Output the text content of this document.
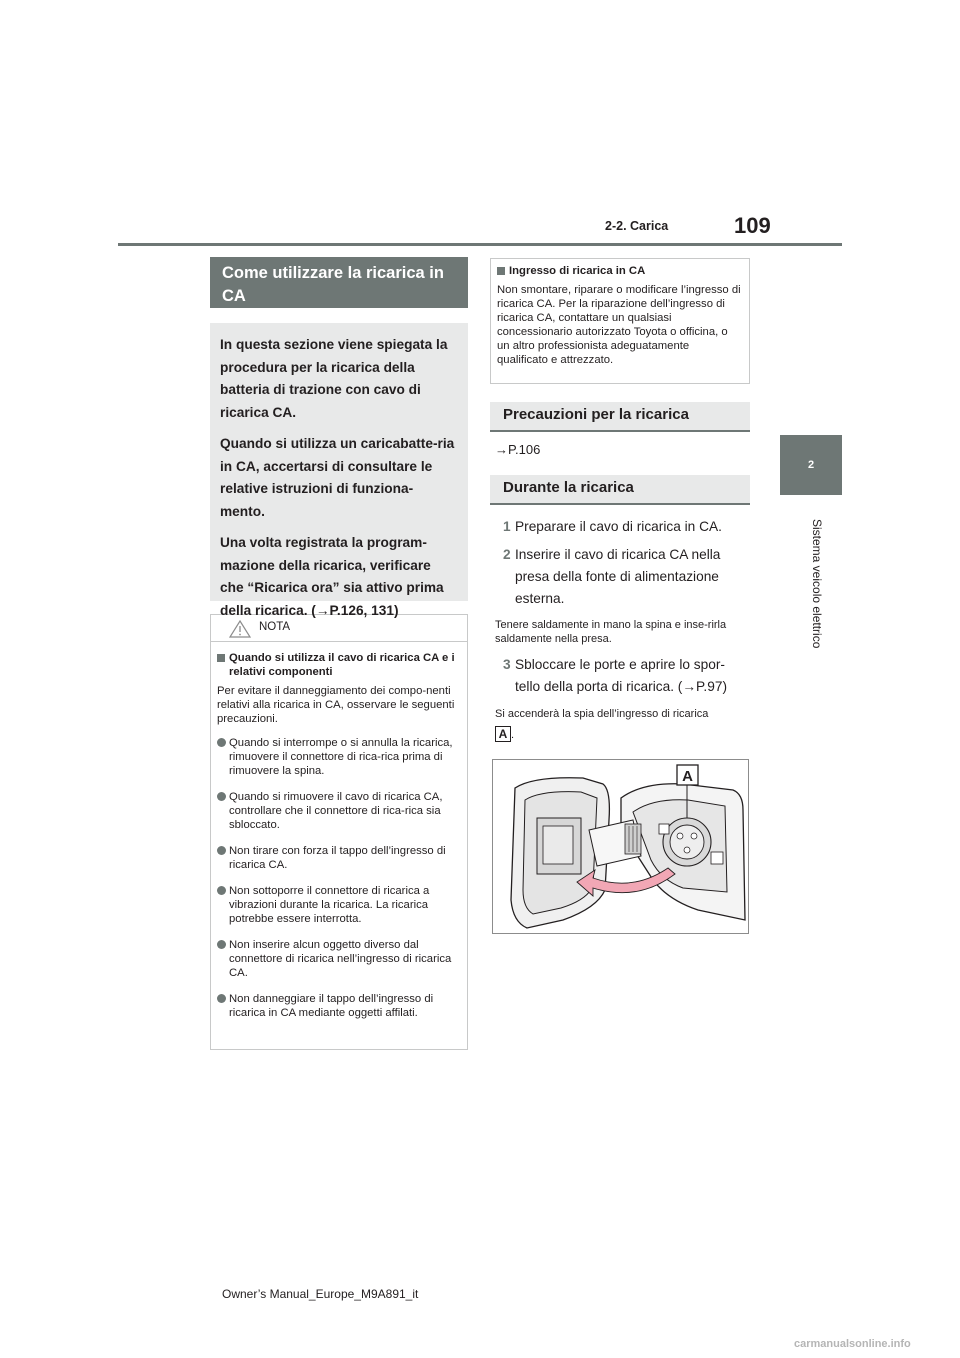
2-2. Carica	109
2
Sistema veicolo elettrico
Come utilizzare la ricarica in CA

In questa sezione viene spiegata la procedura per la ricarica della batteria di trazione con cavo di ricarica CA.

Quando si utilizza un caricabatte-ria in CA, accertarsi di consultare le relative istruzioni di funziona-mento.

Una volta registrata la program-mazione della ricarica, verificare che “Ricarica ora” sia attivo prima della ricarica. (→P.126, 131)

NOTA
Quando si utilizza il cavo di ricarica CA e i relativi componenti
Per evitare il danneggiamento dei compo-nenti relativi alla ricarica in CA, osservare le seguenti precauzioni.
Quando si interrompe o si annulla la ricarica, rimuovere il connettore di rica-rica prima di rimuovere la spina.
Quando si rimuovere il cavo di ricarica CA, controllare che il connettore di rica-rica sia sbloccato.
Non tirare con forza il tappo dell’ingresso di ricarica CA.
Non sottoporre il connettore di ricarica a vibrazioni durante la ricarica. La ricarica potrebbe essere interrotta.
Non inserire alcun oggetto diverso dal connettore di ricarica nell’ingresso di ricarica CA.
Non danneggiare il tappo dell’ingresso di ricarica in CA mediante oggetti affilati.
Ingresso di ricarica in CA
Non smontare, riparare o modificare l’ingresso di ricarica CA. Per la riparazione dell’ingresso di ricarica CA, contattare un qualsiasi concessionario autorizzato Toyota o officina, o un altro professionista adeguatamente qualificato e attrezzato.
Precauzioni per la ricarica
→P.106
Durante la ricarica
1 Preparare il cavo di ricarica in CA.
2 Inserire il cavo di ricarica CA nella presa della fonte di alimentazione esterna.
Tenere saldamente in mano la spina e inse-rirla saldamente nella presa.
3 Sbloccare le porte e aprire lo spor-tello della porta di ricarica. (→P.97)
Si accenderà la spia dell’ingresso di ricarica
A .
A
Owner’s Manual_Europe_M9A891_it
carmanualsonline.info
